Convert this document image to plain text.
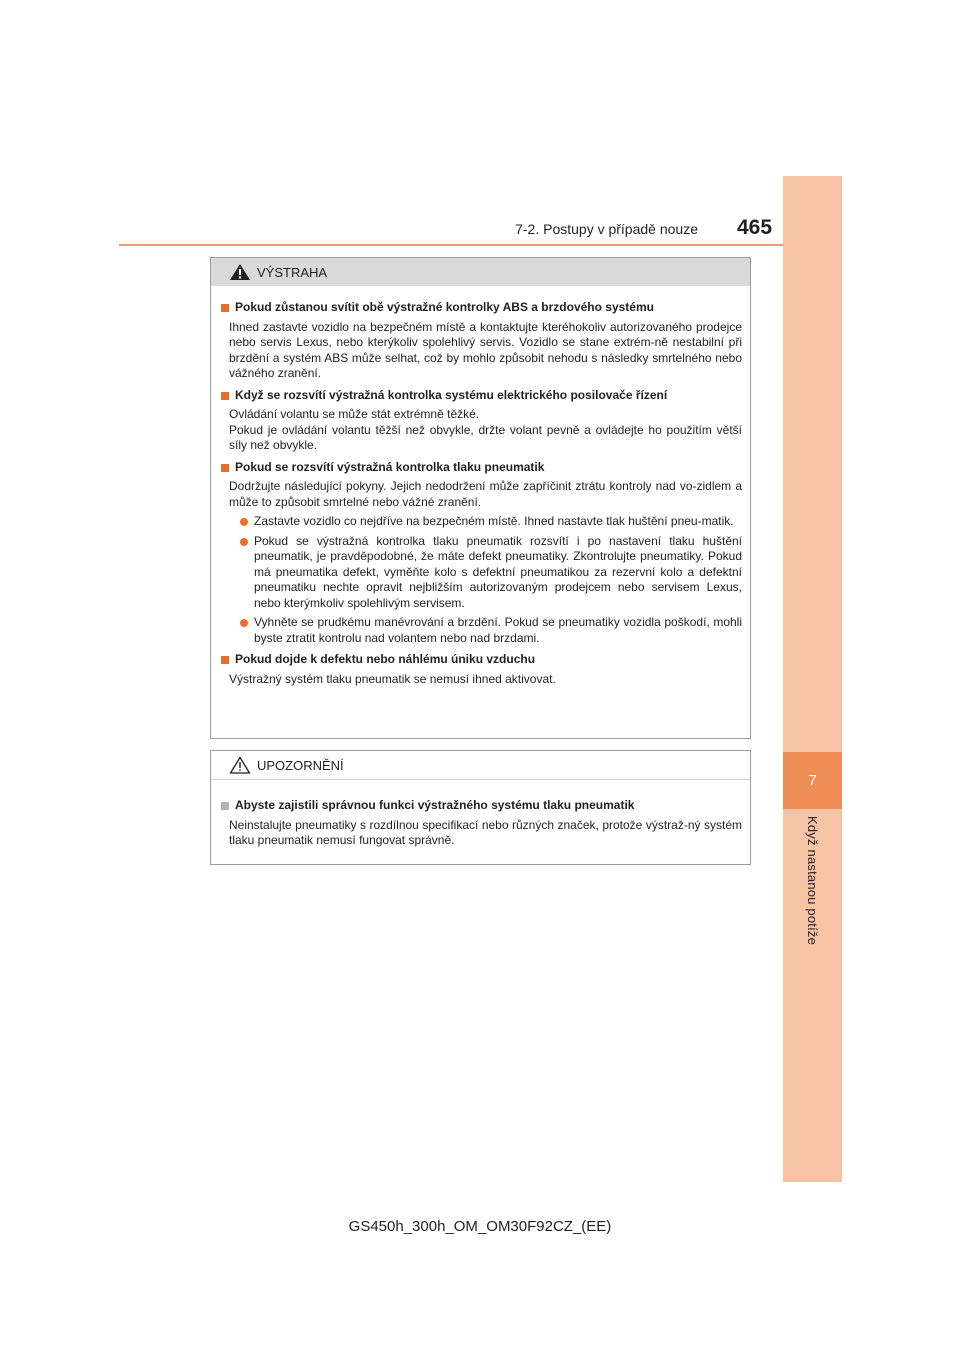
7
Když nastanou potíže
7-2. Postupy v případě nouze 465
VÝSTRAHA
Pokud zůstanou svítit obě výstražné kontrolky ABS a brzdového systému
Ihned zastavte vozidlo na bezpečném místě a kontaktujte kteréhokoliv autorizovaného prodejce nebo servis Lexus, nebo kterýkoliv spolehlivý servis. Vozidlo se stane extrém-ně nestabilní při brzdění a systém ABS může selhat, což by mohlo způsobit nehodu s následky smrtelného nebo vážného zranění.
Když se rozsvítí výstražná kontrolka systému elektrického posilovače řízení
Ovládání volantu se může stát extrémně těžké.
Pokud je ovládání volantu těžší než obvykle, držte volant pevně a ovládejte ho použitím větší síly než obvykle.
Pokud se rozsvítí výstražná kontrolka tlaku pneumatik
Dodržujte následující pokyny. Jejich nedodržení může zapříčinit ztrátu kontroly nad vo-zidlem a může to způsobit smrtelné nebo vážné zranění.
Zastavte vozidlo co nejdříve na bezpečném místě. Ihned nastavte tlak huštění pneu-matik.
Pokud se výstražná kontrolka tlaku pneumatik rozsvítí i po nastavení tlaku huštění pneumatik, je pravděpodobné, že máte defekt pneumatiky. Zkontrolujte pneumatiky. Pokud má pneumatika defekt, vyměňte kolo s defektní pneumatikou za rezervní kolo a defektní pneumatiku nechte opravit nejbližším autorizovaným prodejcem nebo servisem Lexus, nebo kterýmkoliv spolehlivým servisem.
Vyhněte se prudkému manévrování a brzdění. Pokud se pneumatiky vozidla poškodí, mohli byste ztratit kontrolu nad volantem nebo nad brzdami.
Pokud dojde k defektu nebo náhlému úniku vzduchu
Výstražný systém tlaku pneumatik se nemusí ihned aktivovat.
UPOZORNĚNÍ
Abyste zajistili správnou funkci výstražného systému tlaku pneumatik
Neinstalujte pneumatiky s rozdílnou specifikací nebo různých značek, protože výstraž-ný systém tlaku pneumatik nemusí fungovat správně.
GS450h_300h_OM_OM30F92CZ_(EE)
